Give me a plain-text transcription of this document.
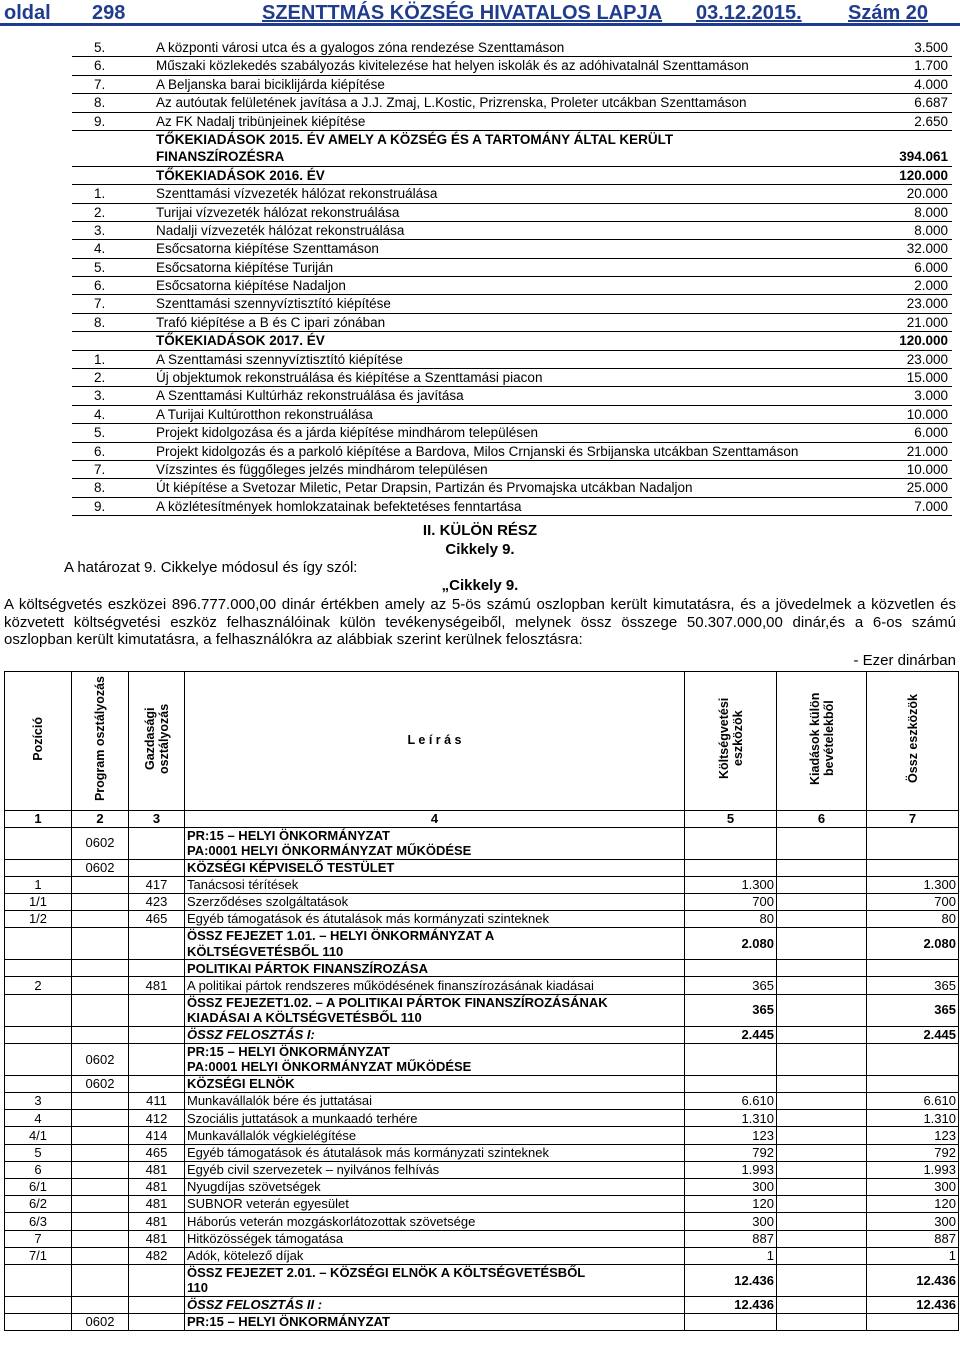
oldal 298	SZENTTMÁS KÖZSÉG HIVATALOS LAPJA 03.12.2015. Szám 20
5.	A központi városi utca és a gyalogos zóna rendezése Szenttamáson	3.500
6.	Műszaki közlekedés szabályozás kivitelezése hat helyen iskolák és az adóhivatalnál Szenttamáson	1.700
7.	A Beljanska barai biciklijárda kiépítése	4.000
8.	Az autóutak felületének javítása a J.J. Zmaj, L.Kostic, Prizrenska, Proleter utcákban Szenttamáson	6.687
9.	Az FK Nadalj tribünjeinek kiépítése	2.650
TŐKEKIADÁSOK 2015. ÉV AMELY A KÖZSÉG ÉS A TARTOMÁNY ÁLTAL KERÜLT
FINANSZÍROZÉSRA	394.061
TŐKEKIADÁSOK 2016. ÉV	120.000
1.	Szenttamási vízvezeték hálózat rekonstruálása	20.000
2.	Turijai vízvezeték hálózat rekonstruálása	8.000
3.	Nadalji vízvezeték hálózat rekonstruálása	8.000
4.	Esőcsatorna kiépítése Szenttamáson	32.000
5.	Esőcsatorna kiépítése Turiján	6.000
6.	Esőcsatorna kiépítése Nadaljon	2.000
7.	Szenttamási szennyvíztisztító kiépítése	23.000
8.	Trafó kiépítése a B és C ipari zónában	21.000
TŐKEKIADÁSOK 2017. ÉV	120.000
1.	A Szenttamási szennyvíztisztító kiépítése	23.000
2.	Új objektumok rekonstruálása és kiépítése a Szenttamási piacon	15.000
3.	A Szenttamási Kultúrház rekonstruálása és javítása	3.000
4.	A Turijai Kultúrotthon rekonstruálása	10.000
5.	Projekt kidolgozása és a járda kiépítése mindhárom településen	6.000
6.	Projekt kidolgozás és a parkoló kiépítése a Bardova, Milos Crnjanski és Srbijanska utcákban Szenttamáson	21.000
7.	Vízszintes és függőleges jelzés mindhárom településen	10.000
8.	Út kiépítése a Svetozar Miletic, Petar Drapsin, Partizán és Prvomajska utcákban Nadaljon	25.000
9.	A közlétesítmények homlokzatainak befektetéses fenntartása	7.000
II. KÜLÖN RÉSZ
Cikkely 9.
A határozat 9. Cikkelye módosul és így szól:
„Cikkely 9.
A költségvetés eszközei 896.777.000,00 dinár értékben amely az 5-ös számú oszlopban került kimutatásra, és a jövedelmek a közvetlen és közvetett költségvetési eszköz felhasználóinak külön tevékenységeiből, melynek össz összege 50.307.000,00 dinár,és a 6-os számú oszlopban került kimutatásra, a felhasználókra az alábbiak szerint kerülnek felosztásra:
- Ezer dinárban
Pozíció	Program osztályozás	Gazdasági osztályozás	L e í r á s	Költségvetési eszközök	Kiadások külön bevételekből	Össz eszközök
1	2	3	4	5	6	7
	0602		PR:15 – HELYI ÖNKORMÁNYZAT
PA:0001 HELYI ÖNKORMÁNYZAT MŰKÖDÉSE			

	0602		KÖZSÉGI KÉPVISELŐ TESTÜLET			
1		417	Tanácsosi térítések	1.300		1.300
1/1		423	Szerződéses szolgáltatások	700		700
1/2		465	Egyéb támogatások és átutalások más kormányzati szinteknek	80		80

			ÖSSZ FEJEZET 1.01. – HELYI ÖNKORMÁNYZAT A
KÖLTSÉGVETÉSBŐL 110	2.080		2.080
			POLITIKAI PÁRTOK FINANSZÍROZÁSA			
2		481	A politikai pártok rendszeres működésének finanszírozásának kiadásai	365		365

			ÖSSZ FEJEZET1.02. – A POLITIKAI PÁRTOK FINANSZÍROZÁSÁNAK
KIADÁSAI A KÖLTSÉGVETÉSBŐL 110	365		365
			ÖSSZ FELOSZTÁS I:	2.445		2.445
	0602		PR:15 – HELYI ÖNKORMÁNYZAT
PA:0001 HELYI ÖNKORMÁNYZAT MŰKÖDÉSE			

	0602		KÖZSÉGI ELNÖK			
3		411	Munkavállalók bére és juttatásai	6.610		6.610
4		412	Szociális juttatások a munkaadó terhére	1.310		1.310
4/1		414	Munkavállalók végkielégítése	123		123
5		465	Egyéb támogatások és átutalások más kormányzati szinteknek	792		792
6		481	Egyéb civil szervezetek – nyilvános felhívás	1.993		1.993
6/1		481	Nyugdíjas szövetségek	300		300
6/2		481	SUBNOR veterán egyesület	120		120
6/3		481	Háborús veterán mozgáskorlátozottak szövetsége	300		300
7		481	Hitközösségek támogatása	887		887
7/1		482	Adók, kötelező díjak	1		1

			ÖSSZ FEJEZET 2.01. – KÖZSÉGI ELNÖK A KÖLTSÉGVETÉSBŐL
110	12.436		12.436
			ÖSSZ FELOSZTÁS II :	12.436		12.436
	0602		PR:15 – HELYI ÖNKORMÁNYZAT			
